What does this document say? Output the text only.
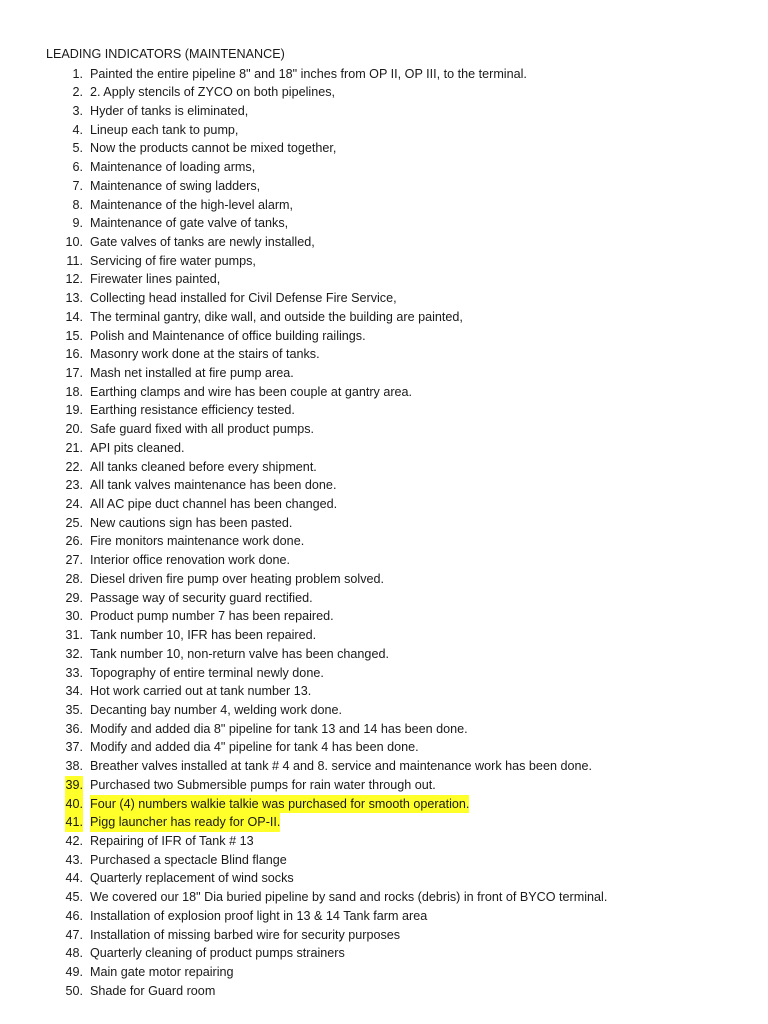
LEADING INDICATORS (MAINTENANCE)
1. Painted the entire pipeline 8" and 18" inches from OP II, OP III, to the terminal.
2. 2. Apply stencils of ZYCO on both pipelines,
3. Hyder of tanks is eliminated,
4. Lineup each tank to pump,
5. Now the products cannot be mixed together,
6. Maintenance of loading arms,
7. Maintenance of swing ladders,
8. Maintenance of the high-level alarm,
9. Maintenance of gate valve of tanks,
10. Gate valves of tanks are newly installed,
11. Servicing of fire water pumps,
12. Firewater lines painted,
13. Collecting head installed for Civil Defense Fire Service,
14. The terminal gantry, dike wall, and outside the building are painted,
15. Polish and Maintenance of office building railings.
16. Masonry work done at the stairs of tanks.
17. Mash net installed at fire pump area.
18. Earthing clamps and wire has been couple at gantry area.
19. Earthing resistance efficiency tested.
20. Safe guard fixed with all product pumps.
21. API pits cleaned.
22. All tanks cleaned before every shipment.
23. All tank valves maintenance has been done.
24. All AC pipe duct channel has been changed.
25. New cautions sign has been pasted.
26. Fire monitors maintenance work done.
27. Interior office renovation work done.
28. Diesel driven fire pump over heating problem solved.
29. Passage way of security guard rectified.
30. Product pump number 7 has been repaired.
31. Tank number 10, IFR has been repaired.
32. Tank number 10, non-return valve has been changed.
33. Topography of entire terminal newly done.
34. Hot work carried out at tank number 13.
35. Decanting bay number 4, welding work done.
36. Modify and added dia 8" pipeline for tank 13 and 14 has been done.
37. Modify and added dia 4" pipeline for tank 4 has been done.
38. Breather valves installed at tank # 4 and 8. service and maintenance work has been done.
39. Purchased two Submersible pumps for rain water through out.
40. Four (4) numbers walkie talkie was purchased for smooth operation.
41. Pigg launcher has ready for OP-II.
42. Repairing of IFR of Tank # 13
43. Purchased a spectacle Blind flange
44. Quarterly replacement of wind socks
45. We covered our 18" Dia buried pipeline by sand and rocks (debris) in front of BYCO terminal.
46. Installation of explosion proof light in 13 & 14 Tank farm area
47. Installation of missing barbed wire for security purposes
48. Quarterly cleaning of product pumps strainers
49. Main gate motor repairing
50. Shade for Guard room
